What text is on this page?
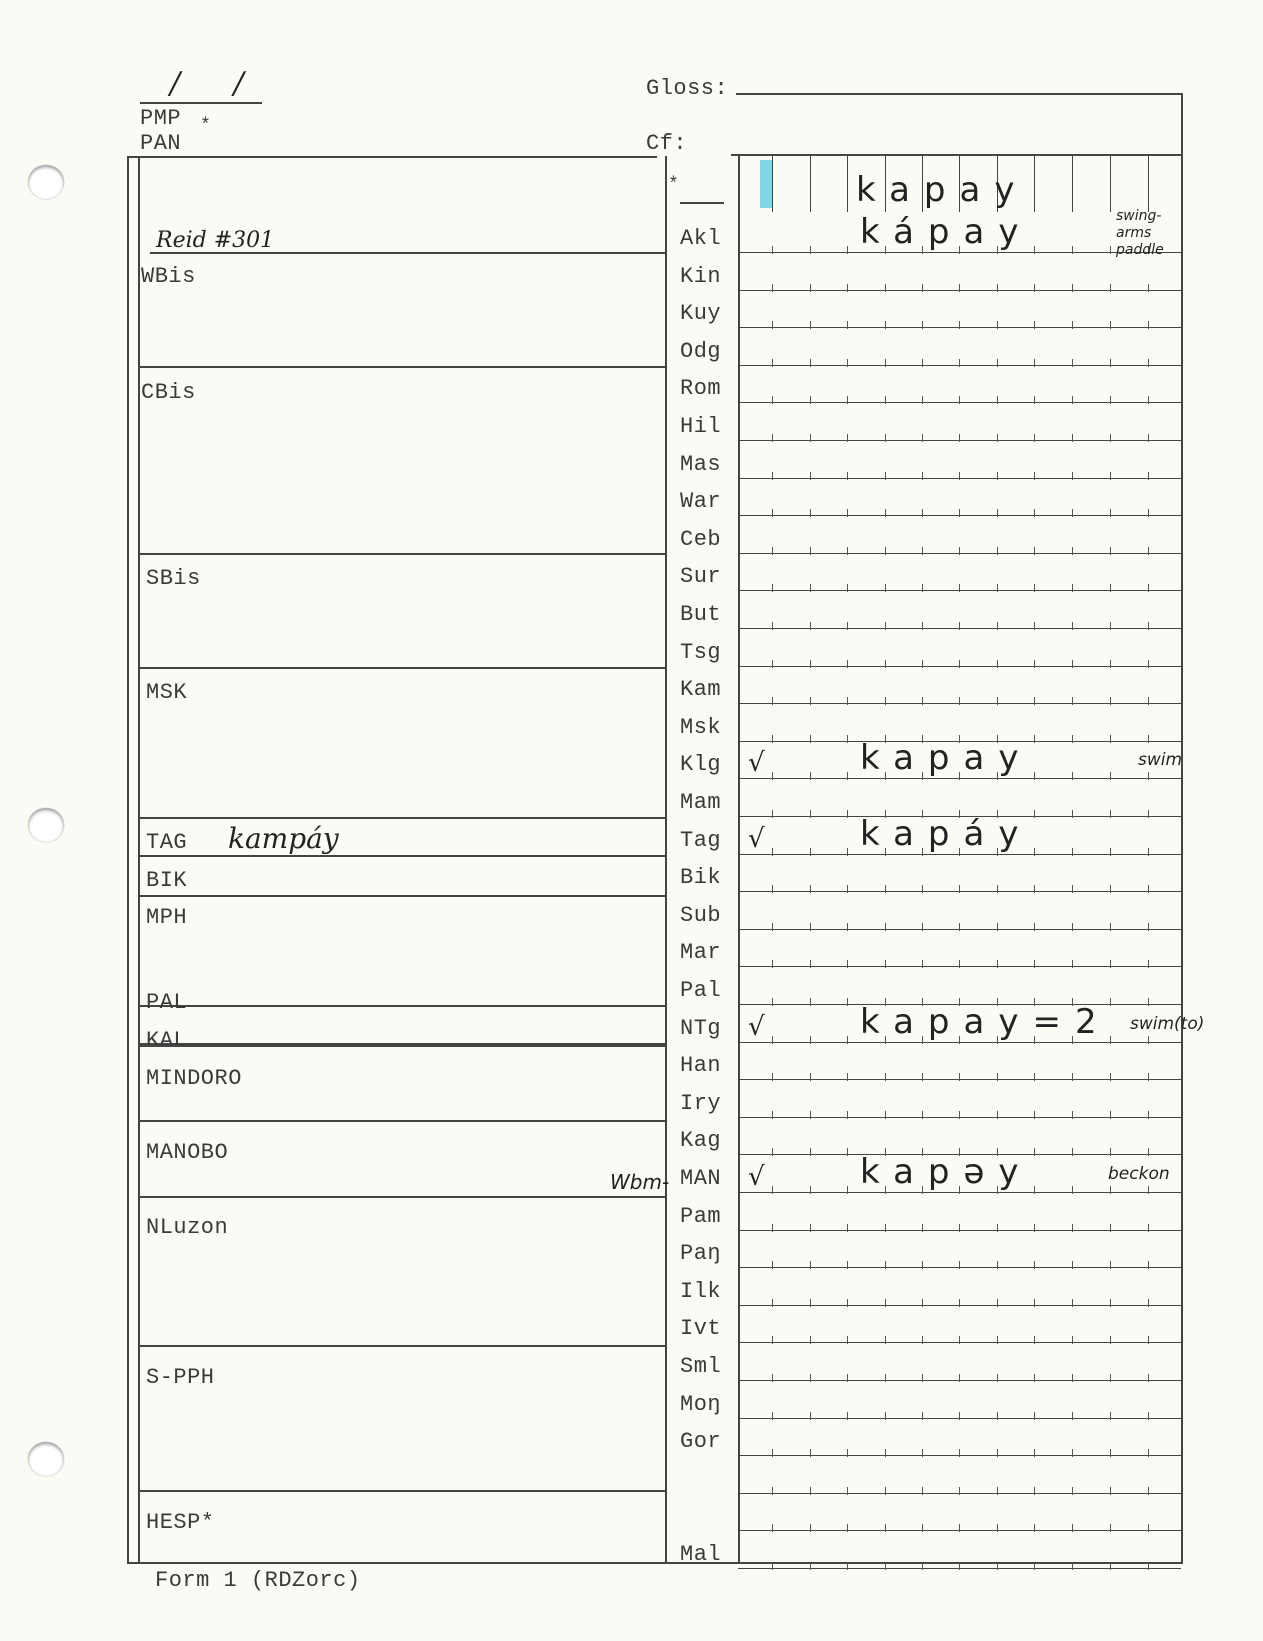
/ /
PMP *
PAN
Gloss:
Cf:
*	kapay
Reid #301
WBis
CBis
SBis
MSK
TAG kampáy
BIK
MPH
PAL
KAL
MINDORO
MANOBO
Wbm-
NLuzon
S-PPH
HESP*
Akl	kápay	swing-arms paddle
Kin
Kuy
Odg
Rom
Hil
Mas
War
Ceb
Sur
But
Tsg
Kam
Msk
Klg √	kapay	swim
Mam
Tag √	kapáy
Bik
Sub
Mar
Pal
NTg √	kapay=2 swim(to)
Han
Iry
Kag
MAN √	kapəy	beckon
Pam
Paŋ
Ilk
Ivt
Sml
Moŋ
Gor
Mal
Form 1 (RDZorc)
